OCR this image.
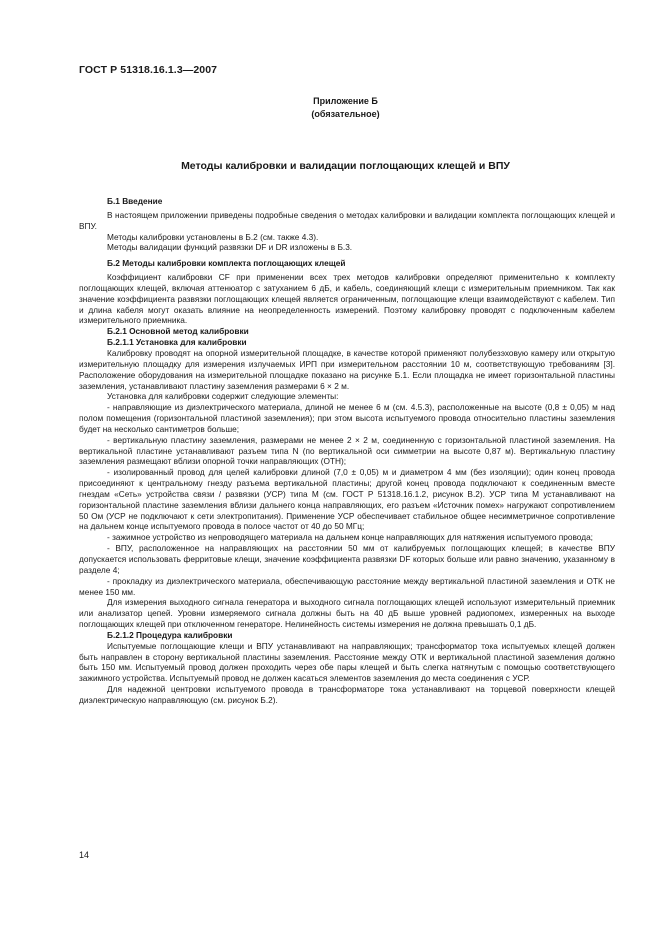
ГОСТ Р 51318.16.1.3—2007
Приложение Б
(обязательное)
Методы калибровки и валидации поглощающих клещей и ВПУ

Б.1 Введение

В настоящем приложении приведены подробные сведения о методах калибровки и валидации комплекта поглощающих клещей и ВПУ.

Методы калибровки установлены в Б.2 (см. также 4.3).

Методы валидации функций развязки DF и DR изложены в Б.3.

Б.2 Методы калибровки комплекта поглощающих клещей

Коэффициент калибровки CF при применении всех трех методов калибровки определяют применительно к комплекту поглощающих клещей, включая аттенюатор с затуханием 6 дБ, и кабель, соединяющий клещи с измерительным приемником. Так как значение коэффициента развязки поглощающих клещей является ограниченным, поглощающие клещи взаимодействуют с кабелем. Тип и длина кабеля могут оказать влияние на неопределенность измерений. Поэтому калибровку проводят с подключенным кабелем измерительного приемника.

Б.2.1 Основной метод калибровки

Б.2.1.1 Установка для калибровки

Калибровку проводят на опорной измерительной площадке, в качестве которой применяют полубезэховую камеру или открытую измерительную площадку для измерения излучаемых ИРП при измерительном расстоянии 10 м, соответствующую требованиям [3]. Расположение оборудования на измерительной площадке показано на рисунке Б.1. Если площадка не имеет горизонтальной пластины заземления, устанавливают пластину заземления размерами 6 × 2 м.

Установка для калибровки содержит следующие элементы:

- направляющие из диэлектрического материала, длиной не менее 6 м (см. 4.5.3), расположенные на высоте (0,8 ± 0,05) м над полом помещения (горизонтальной пластиной заземления); при этом высота испытуемого провода относительно пластины заземления будет на несколько сантиметров больше;

- вертикальную пластину заземления, размерами не менее 2 × 2 м, соединенную с горизонтальной пластиной заземления. На вертикальной пластине устанавливают разъем типа N (по вертикальной оси симметрии на высоте 0,87 м). Вертикальную пластину заземления размещают вблизи опорной точки направляющих (ОТН);

- изолированный провод для целей калибровки длиной (7,0 ± 0,05) м и диаметром 4 мм (без изоляции); один конец провода присоединяют к центральному гнезду разъема вертикальной пластины; другой конец провода подключают к соединенным вместе гнездам «Сеть» устройства связи / развязки (УСР) типа М (см. ГОСТ Р 51318.16.1.2, рисунок В.2). УСР типа М устанавливают на горизонтальной пластине заземления вблизи дальнего конца направляющих, его разъем «Источник помех» нагружают сопротивлением 50 Ом (УСР не подключают к сети электропитания). Применение УСР обеспечивает стабильное общее несимметричное сопротивление на дальнем конце испытуемого провода в полосе частот от 40 до 50 МГц;

- зажимное устройство из непроводящего материала на дальнем конце направляющих для натяжения испытуемого провода;

- ВПУ, расположенное на направляющих на расстоянии 50 мм от калибруемых поглощающих клещей; в качестве ВПУ допускается использовать ферритовые клещи, значение коэффициента развязки DF которых больше или равно значению, указанному в разделе 4;

- прокладку из диэлектрического материала, обеспечивающую расстояние между вертикальной пластиной заземления и ОТК не менее 150 мм.

Для измерения выходного сигнала генератора и выходного сигнала поглощающих клещей используют измерительный приемник или анализатор цепей. Уровни измеряемого сигнала должны быть на 40 дБ выше уровней радиопомех, измеренных на выходе поглощающих клещей при отключенном генераторе. Нелинейность системы измерения не должна превышать 0,1 дБ.

Б.2.1.2 Процедура калибровки

Испытуемые поглощающие клещи и ВПУ устанавливают на направляющих; трансформатор тока испытуемых клещей должен быть направлен в сторону вертикальной пластины заземления. Расстояние между ОТК и вертикальной пластиной заземления должно быть 150 мм. Испытуемый провод должен проходить через обе пары клещей и быть слегка натянутым с помощью соответствующего зажимного устройства. Испытуемый провод не должен касаться элементов заземления до места соединения с УСР.

Для надежной центровки испытуемого провода в трансформаторе тока устанавливают на торцевой поверхности клещей диэлектрическую направляющую (см. рисунок Б.2).

14
